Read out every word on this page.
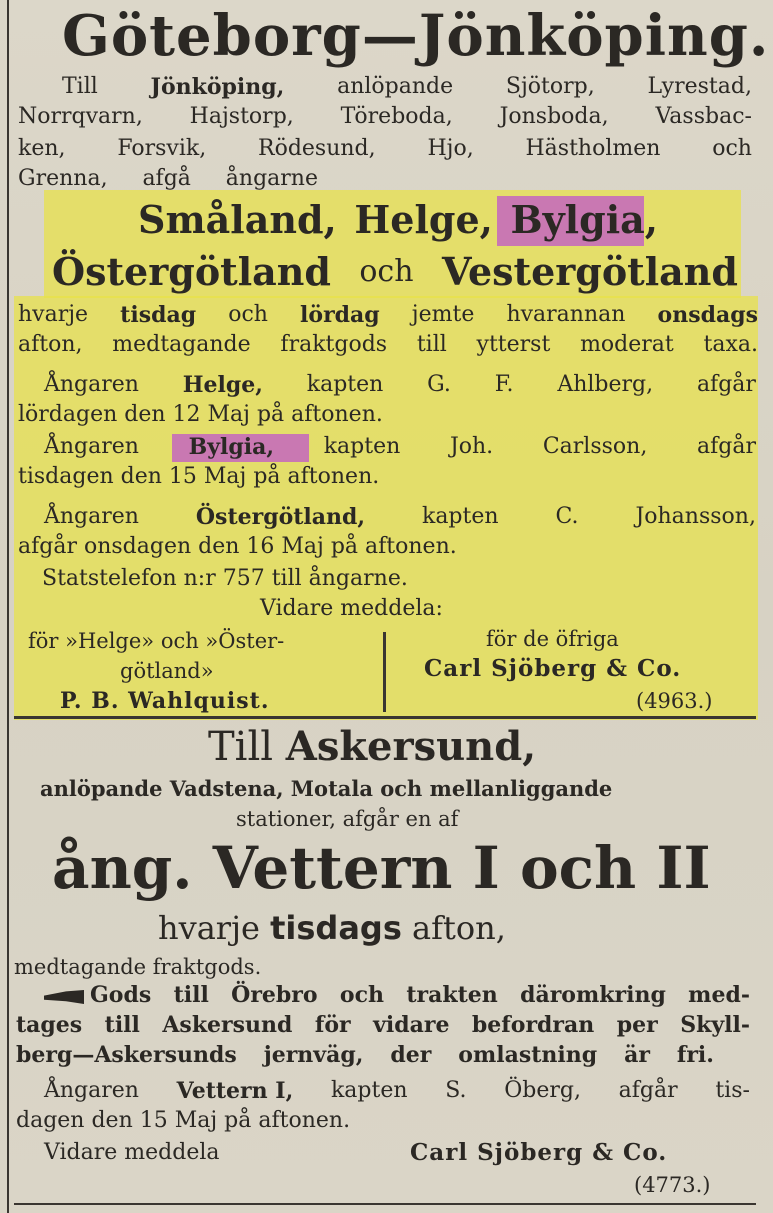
Göteborg—Jönköping.
Till Jönköping, anlöpande Sjötorp, Lyrestad,
Norrqvarn, Hajstorp, Töreboda, Jonsboda, Vassbac-
ken, Forsvik, Rödesund, Hjo, Hästholmen och
Grenna, afgå ångarne
Småland, Helge, Bylgia,
Östergötland och Vestergötland
hvarje tisdag och lördag jemte hvarannan onsdags
afton, medtagande fraktgods till ytterst moderat taxa.
Ångaren Helge, kapten G. F. Ahlberg, afgår
lördagen den 12 Maj på aftonen.
Ångaren Bylgia, kapten Joh. Carlsson, afgår
tisdagen den 15 Maj på aftonen.
Ångaren	Östergötland,	kapten	C.	Johansson,
afgår onsdagen den 16 Maj på aftonen.
Statstelefon n:r 757 till ångarne.
Vidare meddela:
för »Helge» och »Öster-
götland»
P. B. Wahlquist.
för de öfriga
Carl Sjöberg & Co.
(4963.)
Till Askersund,
anlöpande Vadstena, Motala och mellanliggande
stationer, afgår en af
ång. Vettern I och II
hvarje tisdags afton,
medtagande fraktgods.
Gods till Örebro och trakten däromkring med-
tages till Askersund för vidare befordran per Skyll-
berg—Askersunds jernväg, der omlastning är fri.
Ångaren Vettern I, kapten S. Öberg, afgår tis-
dagen den 15 Maj på aftonen.
Vidare meddela	Carl Sjöberg & Co.
(4773.)
